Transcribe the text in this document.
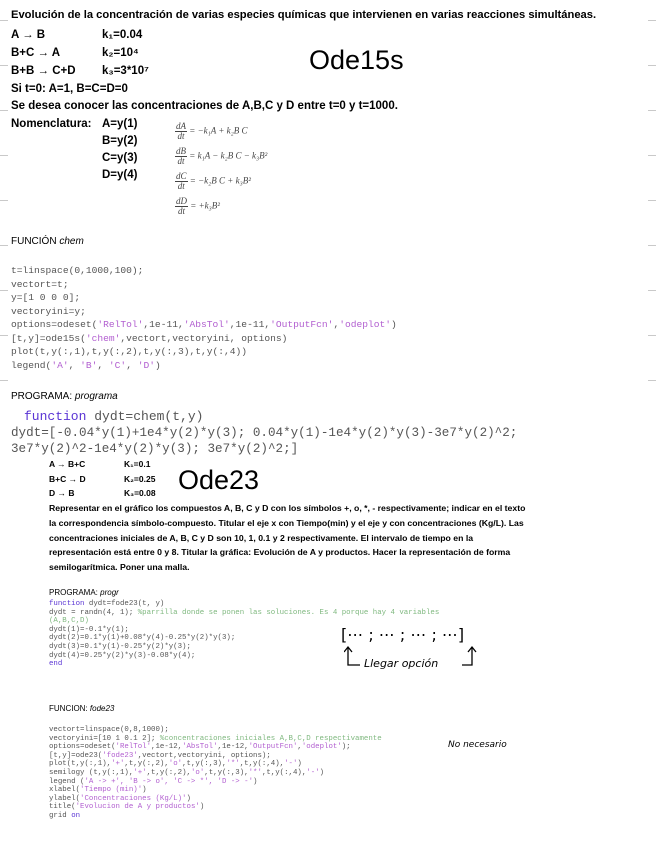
Evolución de la concentración de varias especies químicas que intervienen en varias reacciones simultáneas.
A → B	k₁=0.04
B+C → A	k₂=10⁴
B+B → C+D k₃=3*10⁷	Ode15s
Si t=0: A=1, B=C=D=0
Se desea conocer las concentraciones de A,B,C y D entre t=0 y t=1000.
Nomenclatura: A=y(1)
B=y(2)
C=y(3)
D=y(4)
$\frac{dA}{dt} = -k_1A + k_2B$ C
$\frac{dB}{dt} = k_1A - k_2B$ C − k₃B²
$\frac{dC}{dt} = -k_2B$ C + k₃B²
$\frac{dD}{dt} = +k_3B^2$
FUNCIÓN chem
t=linspace(0,1000,100);
vectort=t;
y=[1 0 0 0];
vectoryini=y;
options=odeset('RelTol',1e-11,'AbsTol',1e-11,'OutputFcn','odeplot')
[t,y]=ode15s('chem',vectort,vectoryini, options)
plot(t,y(:,1),t,y(:,2),t,y(:,3),t,y(:,4))
legend('A', 'B', 'C', 'D')
PROGRAMA: programa
function dydt=chem(t,y)
dydt=[-0.04*y(1)+1e4*y(2)*y(3); 0.04*y(1)-1e4*y(2)*y(3)-3e7*y(2)^2;
3e7*y(2)^2-1e4*y(2)*y(3); 3e7*y(2)^2;]
A → B+C	K₁=0.1
B+C → D	K₂=0.25
D → B	K₃=0.08 Ode23
Representar en el gráfico los compuestos A, B, C y D con los símbolos +, o, *, - respectivamente; indicar en el texto
la correspondencia símbolo-compuesto. Titular el eje x con Tiempo(min) y el eje y con concentraciones (Kg/L). Las
concentraciones iniciales de A, B, C y D son 10, 1, 0.1 y 2 respectivamente. El intervalo de tiempo en la
representación está entre 0 y 8. Titular la gráfica: Evolución de A y productos. Hacer la representación de forma
semilogarítmica. Poner una malla.
PROGRAMA: progr
function dydt=fode23(t, y)
dydt = randn(4, 1); %parrilla donde se ponen las soluciones. Es 4 porque hay 4 variables
(A,B,C,D)
dydt(1)=-0.1*y(1);
dydt(2)=0.1*y(1)+0.08*y(4)-0.25*y(2)*y(3);
dydt(3)=0.1*y(1)-0.25*y(2)*y(3);
dydt(4)=0.25*y(2)*y(3)-0.08*y(4);
end
[⋯ ; ⋯ ; ⋯ ; ⋯]
Llegar opción
FUNCION: fode23
vectort=linspace(0,8,1000);
vectoryini=[10 1 0.1 2]; %concentraciones iniciales A,B,C,D respectivamente
options=odeset('RelTol',1e-12,'AbsTol',1e-12,'OutputFcn','odeplot');
[t,y]=ode23('fode23',vectort,vectoryini, options);
plot(t,y(:,1),'+',t,y(:,2),'o',t,y(:,3),'*',t,y(:,4),'-')
semilogy (t,y(:,1),'+',t,y(:,2),'o',t,y(:,3),'*',t,y(:,4),'-')
legend ('A -> +', 'B -> o', 'C -> *', 'D -> -')
xlabel('Tiempo (min)')
ylabel('Concentraciones (Kg/L)')
title('Evolucion de A y productos')
grid on
No necesario
